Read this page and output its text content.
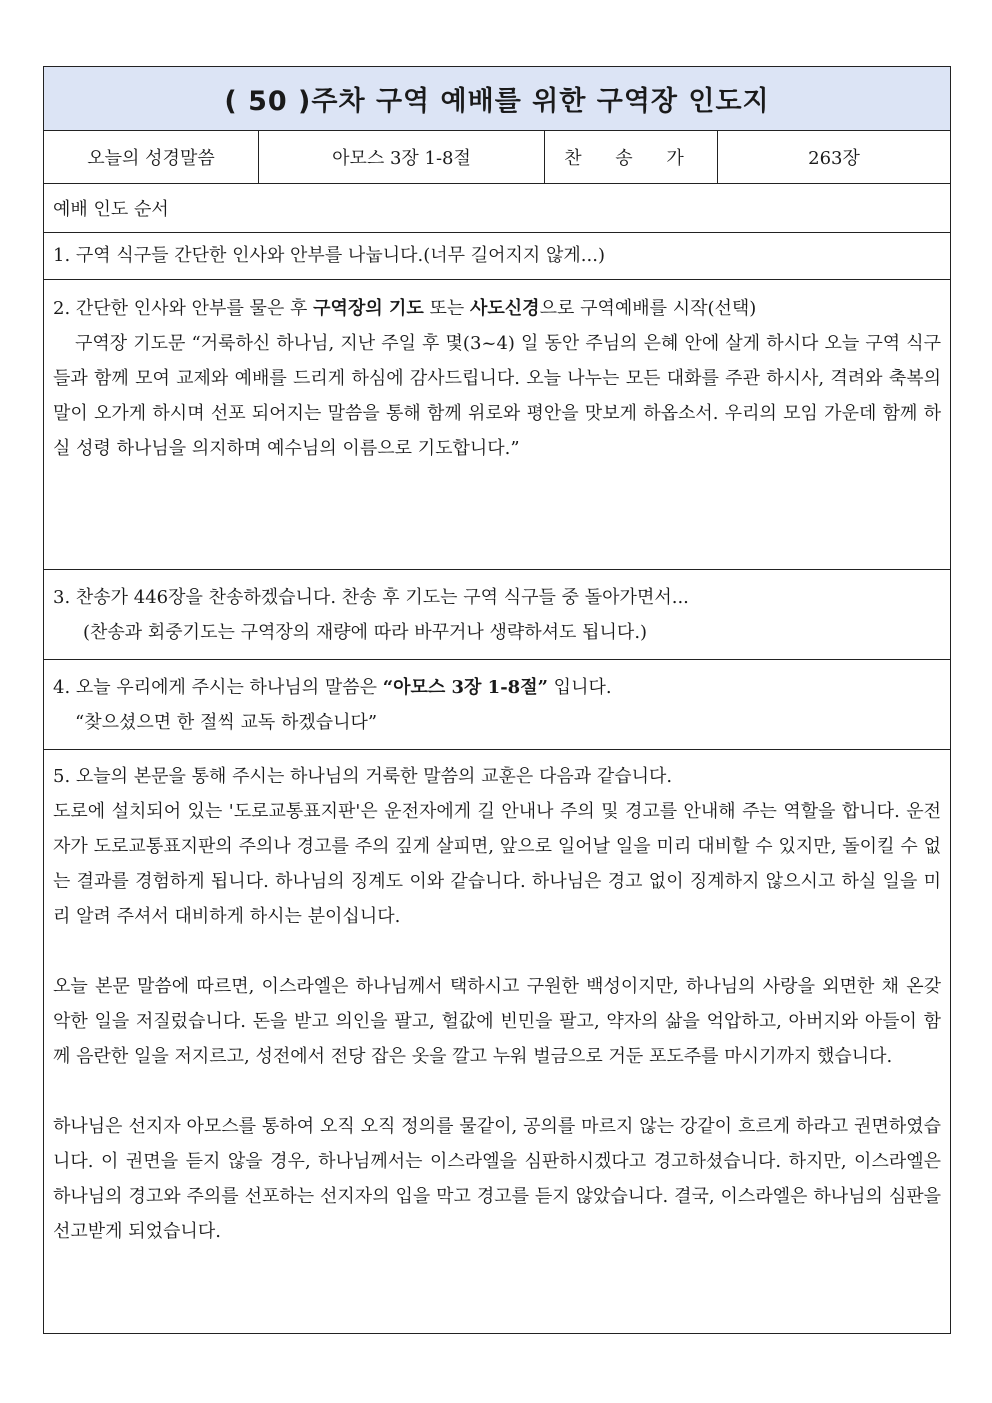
( 50 )주차 구역 예배를 위한 구역장 인도지
오늘의 성경말씀	아모스 3장 1-8절	찬 송 가	263장
예배 인도 순서
1. 구역 식구들 간단한 인사와 안부를 나눕니다.(너무 길어지지 않게...)
2. 간단한 인사와 안부를 물은 후 구역장의 기도 또는 사도신경으로 구역예배를 시작(선택)
구역장 기도문 “거룩하신 하나님, 지난 주일 후 몇(3~4) 일 동안 주님의 은혜 안에 살게 하시다 오늘 구역 식구들과 함께 모여 교제와 예배를 드리게 하심에 감사드립니다. 오늘 나누는 모든 대화를 주관 하시사, 격려와 축복의 말이 오가게 하시며 선포 되어지는 말씀을 통해 함께 위로와 평안을 맛보게 하옵소서. 우리의 모임 가운데 함께 하실 성령 하나님을 의지하며 예수님의 이름으로 기도합니다.”
3. 찬송가 446장을 찬송하겠습니다. 찬송 후 기도는 구역 식구들 중 돌아가면서...
(찬송과 회중기도는 구역장의 재량에 따라 바꾸거나 생략하셔도 됩니다.)
4. 오늘 우리에게 주시는 하나님의 말씀은 “아모스 3장 1-8절” 입니다.
“찾으셨으면 한 절씩 교독 하겠습니다”
5. 오늘의 본문을 통해 주시는 하나님의 거룩한 말씀의 교훈은 다음과 같습니다.
도로에 설치되어 있는 '도로교통표지판'은 운전자에게 길 안내나 주의 및 경고를 안내해 주는 역할을 합니다. 운전자가 도로교통표지판의 주의나 경고를 주의 깊게 살피면, 앞으로 일어날 일을 미리 대비할 수 있지만, 돌이킬 수 없는 결과를 경험하게 됩니다. 하나님의 징계도 이와 같습니다. 하나님은 경고 없이 징계하지 않으시고 하실 일을 미리 알려 주셔서 대비하게 하시는 분이십니다.
오늘 본문 말씀에 따르면, 이스라엘은 하나님께서 택하시고 구원한 백성이지만, 하나님의 사랑을 외면한 채 온갖 악한 일을 저질렀습니다. 돈을 받고 의인을 팔고, 헐값에 빈민을 팔고, 약자의 삶을 억압하고, 아버지와 아들이 함께 음란한 일을 저지르고, 성전에서 전당 잡은 옷을 깔고 누워 벌금으로 거둔 포도주를 마시기까지 했습니다.
하나님은 선지자 아모스를 통하여 오직 오직 정의를 물같이, 공의를 마르지 않는 강같이 흐르게 하라고 권면하였습니다. 이 권면을 듣지 않을 경우, 하나님께서는 이스라엘을 심판하시겠다고 경고하셨습니다. 하지만, 이스라엘은 하나님의 경고와 주의를 선포하는 선지자의 입을 막고 경고를 듣지 않았습니다. 결국, 이스라엘은 하나님의 심판을 선고받게 되었습니다.
